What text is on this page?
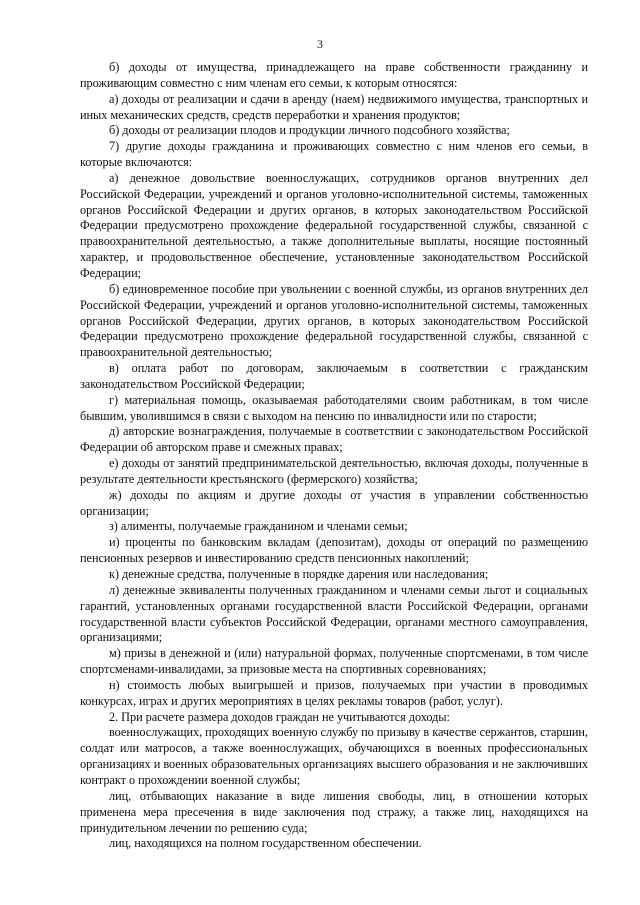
3

б) доходы от имущества, принадлежащего на праве собственности гражданину и проживающим совместно с ним членам его семьи, к которым относятся:

а) доходы от реализации и сдачи в аренду (наем) недвижимого имущества, транспортных и иных механических средств, средств переработки и хранения продуктов;

б) доходы от реализации плодов и продукции личного подсобного хозяйства;

7) другие доходы гражданина и проживающих совместно с ним членов его семьи, в которые включаются:

а) денежное довольствие военнослужащих, сотрудников органов внутренних дел Российской Федерации, учреждений и органов уголовно-исполнительной системы, таможенных органов Российской Федерации и других органов, в которых законодательством Российской Федерации предусмотрено прохождение федеральной государственной службы, связанной с правоохранительной деятельностью, а также дополнительные выплаты, носящие постоянный характер, и продовольственное обеспечение, установленные законодательством Российской Федерации;

б) единовременное пособие при увольнении с военной службы, из органов внутренних дел Российской Федерации, учреждений и органов уголовно-исполнительной системы, таможенных органов Российской Федерации, других органов, в которых законодательством Российской Федерации предусмотрено прохождение федеральной государственной службы, связанной с правоохранительной деятельностью;

в) оплата работ по договорам, заключаемым в соответствии с гражданским законодательством Российской Федерации;

г) материальная помощь, оказываемая работодателями своим работникам, в том числе бывшим, уволившимся в связи с выходом на пенсию по инвалидности или по старости;

д) авторские вознаграждения, получаемые в соответствии с законодательством Российской Федерации об авторском праве и смежных правах;

е) доходы от занятий предпринимательской деятельностью, включая доходы, полученные в результате деятельности крестьянского (фермерского) хозяйства;

ж) доходы по акциям и другие доходы от участия в управлении собственностью организации;

з) алименты, получаемые гражданином и членами семьи;

и) проценты по банковским вкладам (депозитам), доходы от операций по размещению пенсионных резервов и инвестированию средств пенсионных накоплений;

к) денежные средства, полученные в порядке дарения или наследования;

л) денежные эквиваленты полученных гражданином и членами семьи льгот и социальных гарантий, установленных органами государственной власти Российской Федерации, органами государственной власти субъектов Российской Федерации, органами местного самоуправления, организациями;

м) призы в денежной и (или) натуральной формах, полученные спортсменами, в том числе спортсменами-инвалидами, за призовые места на спортивных соревнованиях;

н) стоимость любых выигрышей и призов, получаемых при участии в проводимых конкурсах, играх и других мероприятиях в целях рекламы товаров (работ, услуг).

2. При расчете размера доходов граждан не учитываются доходы:

военнослужащих, проходящих военную службу по призыву в качестве сержантов, старшин, солдат или матросов, а также военнослужащих, обучающихся в военных профессиональных организациях и военных образовательных организациях высшего образования и не заключивших контракт о прохождении военной службы;

лиц, отбывающих наказание в виде лишения свободы, лиц, в отношении которых применена мера пресечения в виде заключения под стражу, а также лиц, находящихся на принудительном лечении по решению суда;

лиц, находящихся на полном государственном обеспечении.
